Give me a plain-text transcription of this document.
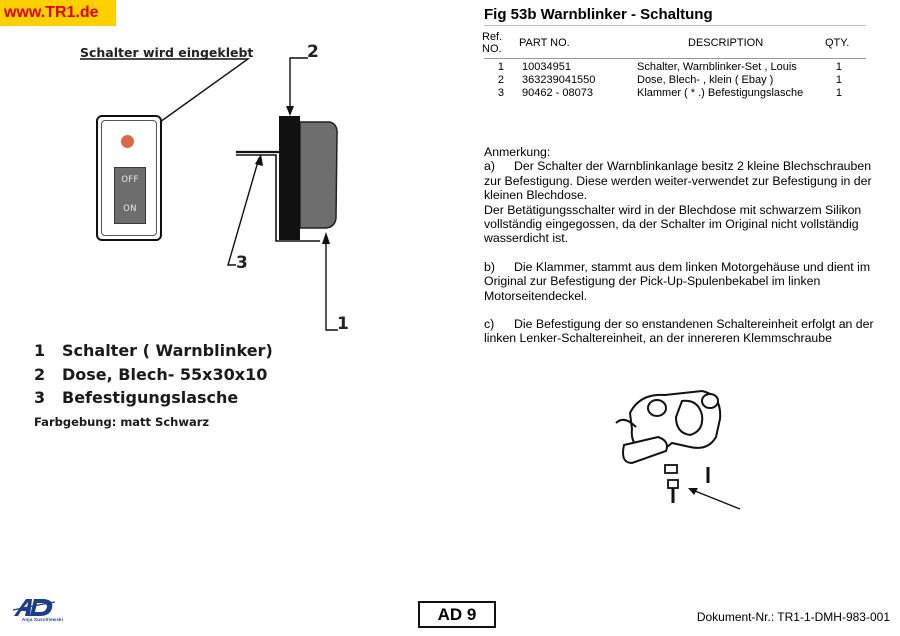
www.TR1.de
Schalter wird eingeklebt	2
3
1
OFF
ON
1 Schalter ( Warnblinker)
2 Dose, Blech- 55x30x10
3 Befestigungslasche
Farbgebung: matt Schwarz
Fig 53b Warnblinker - Schaltung
Ref.
NO.	PART NO.	DESCRIPTION	QTY.
1 10034951	Schalter, Warnblinker-Set , Louis	1
2 363239041550	Dose, Blech- , klein ( Ebay )	1
3 90462 - 08073	Klammer ( * .) Befestigungslasche	1

Anmerkung:

a) Der Schalter der Warnblinkanlage besitz 2 kleine Blechschrauben zur Befestigung. Diese werden weiter-verwendet zur Befestigung in der kleinen Blechdose.

Der Betätigungsschalter wird in der Blechdose mit schwarzem Silikon vollständig eingegossen, da der Schalter im Original nicht vollständig wasserdicht ist.

b) Die Klammer, stammt aus dem linken Motorgehäuse und dient im Original zur Befestigung der Pick-Up-Spulenbekabel im linken Motorseitendeckel.

c) Die Befestigung der so enstandenen Schaltereinheit erfolgt an der linken Lenker-Schaltereinheit, an der innereren Klemmschraube

AD 9	Dokument-Nr.: TR1-1-DMH-983-001
Anja Suschlewski
